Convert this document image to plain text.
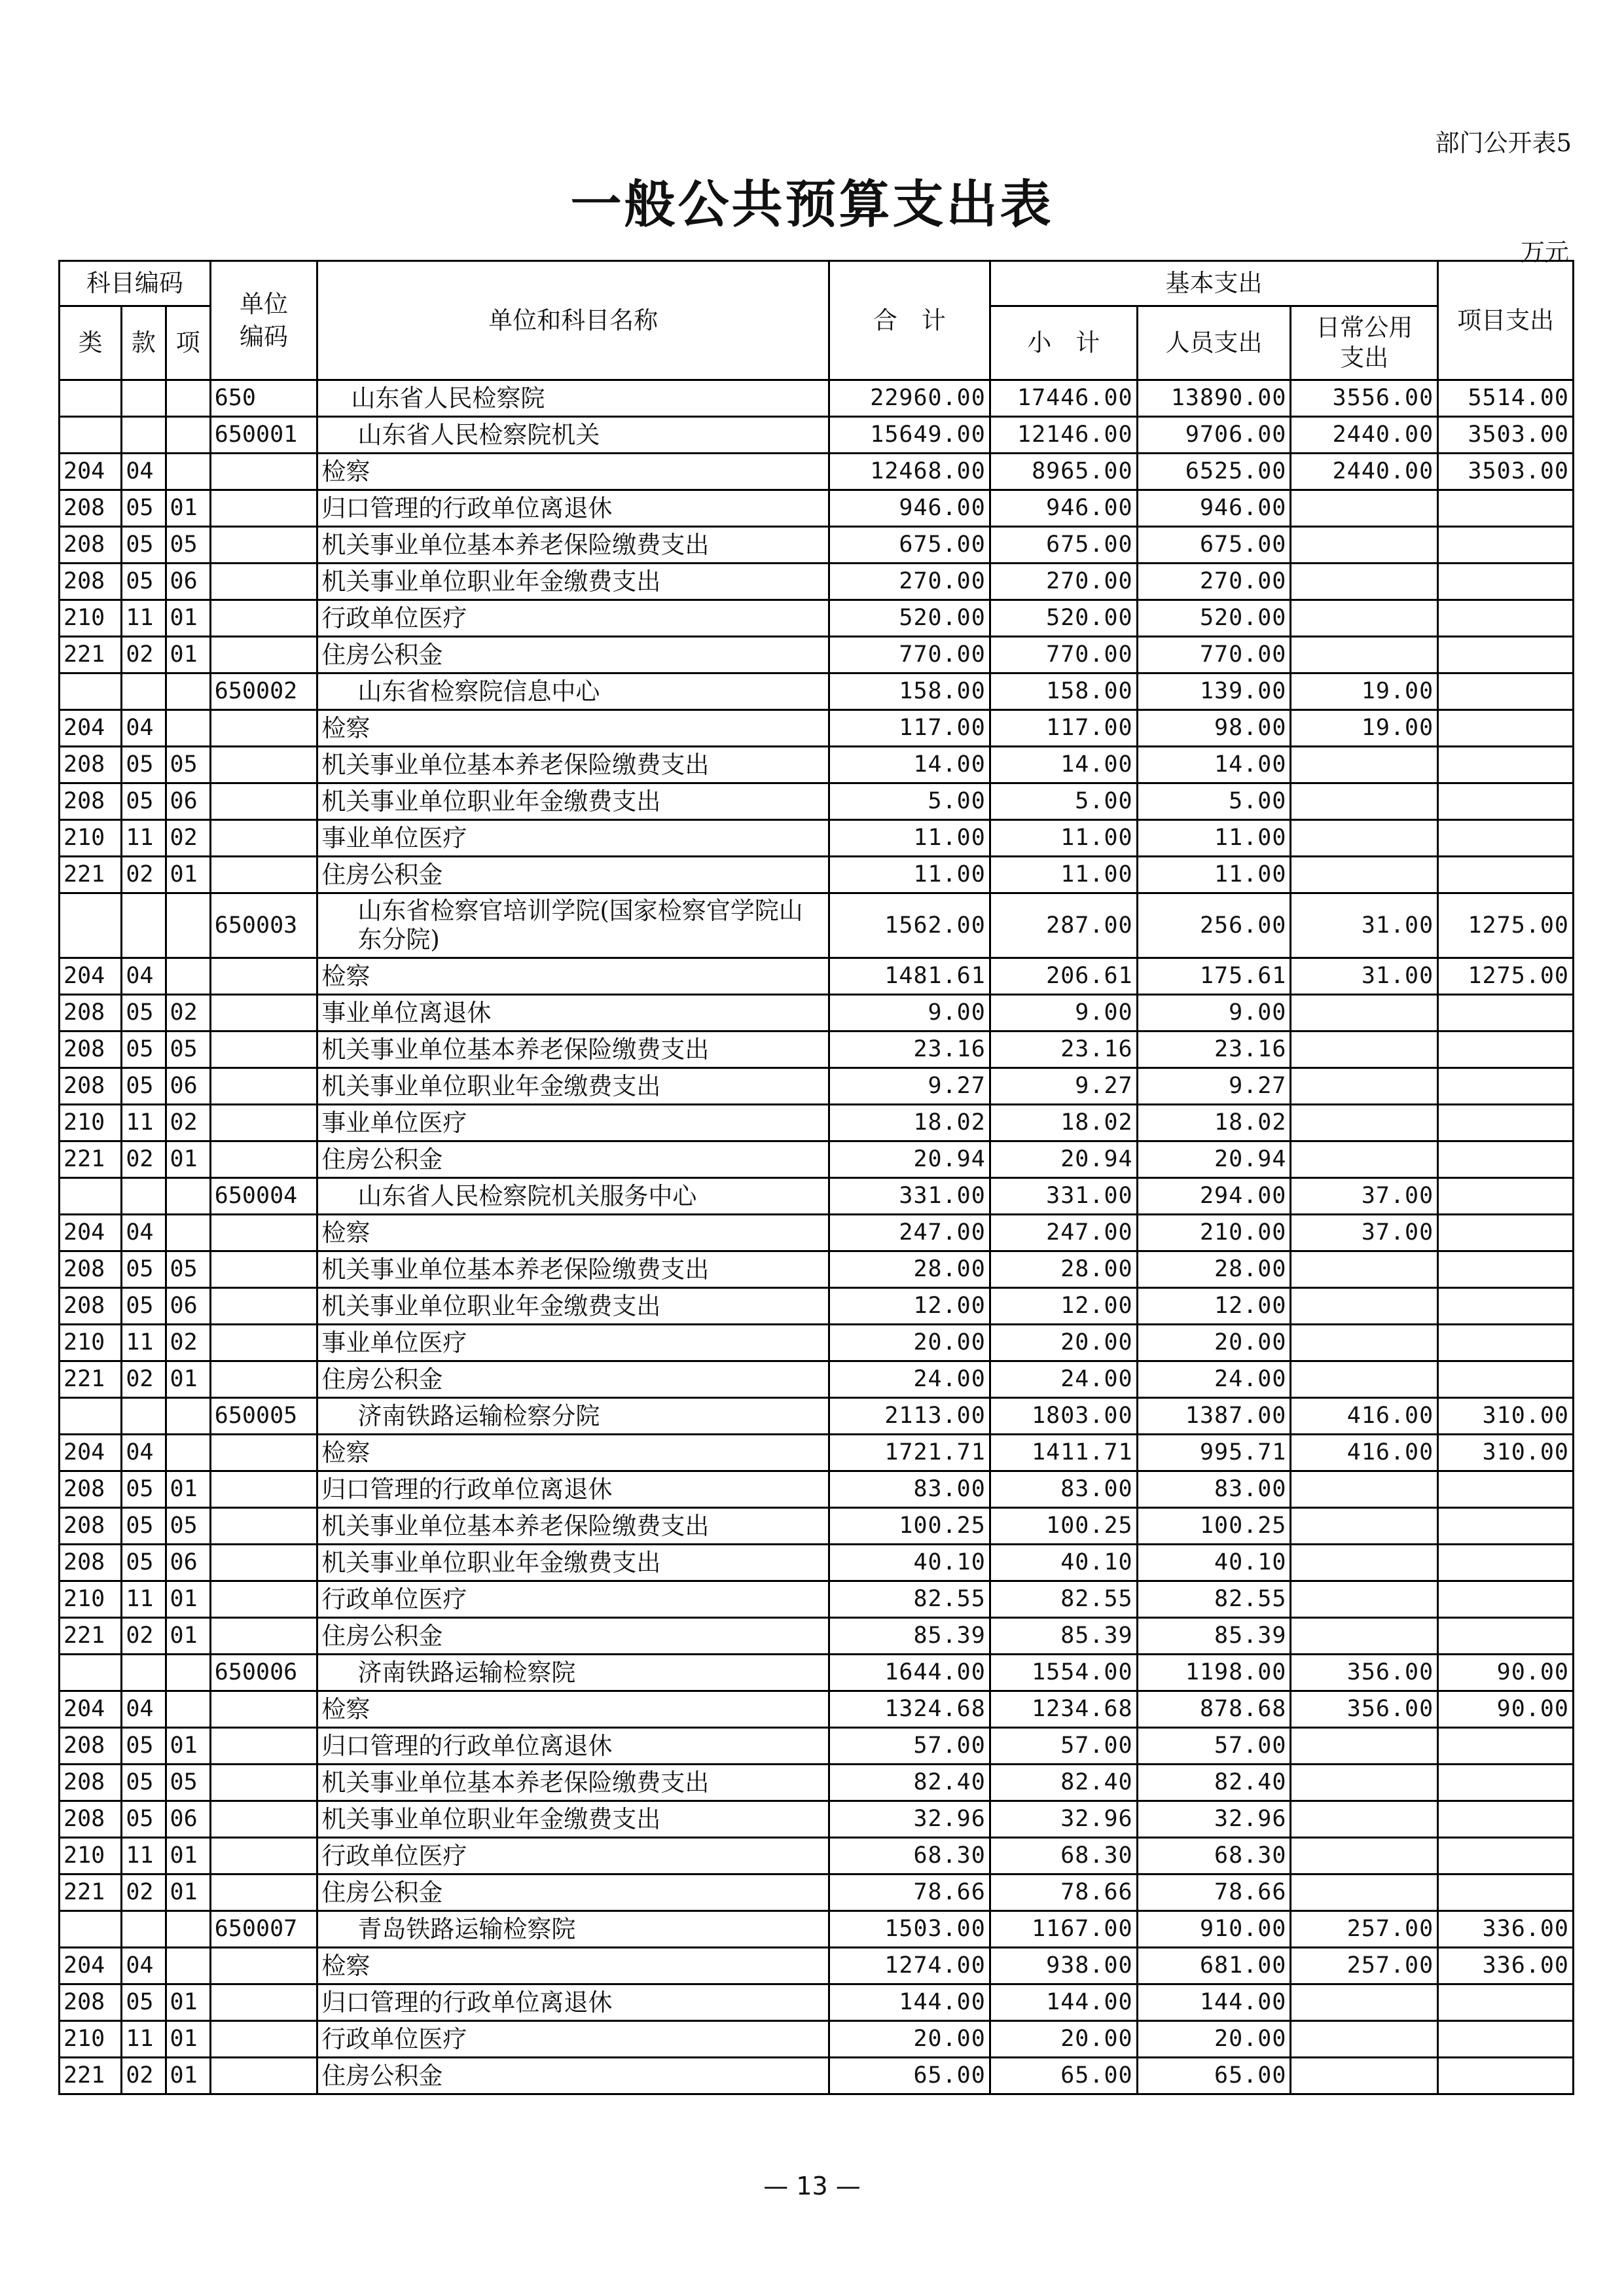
部门公开表5
一般公共预算支出表
万元
科目编码			单位编码	单位和科目名称	合　计	基本支出			项目支出
类	款	项				小　计	人员支出	日常公用支出	
			650	山东省人民检察院	22960.00	17446.00	13890.00	3556.00	5514.00
			650001	山东省人民检察院机关	15649.00	12146.00	9706.00	2440.00	3503.00
204	04			检察	12468.00	8965.00	6525.00	2440.00	3503.00
208	05	01		归口管理的行政单位离退休	946.00	946.00	946.00		
208	05	05		机关事业单位基本养老保险缴费支出	675.00	675.00	675.00		
208	05	06		机关事业单位职业年金缴费支出	270.00	270.00	270.00		
210	11	01		行政单位医疗	520.00	520.00	520.00		
221	02	01		住房公积金	770.00	770.00	770.00		
			650002	山东省检察院信息中心	158.00	158.00	139.00	19.00	
204	04			检察	117.00	117.00	98.00	19.00	
208	05	05		机关事业单位基本养老保险缴费支出	14.00	14.00	14.00		
208	05	06		机关事业单位职业年金缴费支出	5.00	5.00	5.00		
210	11	02		事业单位医疗	11.00	11.00	11.00		
221	02	01		住房公积金	11.00	11.00	11.00		
			650003	山东省检察官培训学院(国家检察官学院山东分院)	1562.00	287.00	256.00	31.00	1275.00
204	04			检察	1481.61	206.61	175.61	31.00	1275.00
208	05	02		事业单位离退休	9.00	9.00	9.00		
208	05	05		机关事业单位基本养老保险缴费支出	23.16	23.16	23.16		
208	05	06		机关事业单位职业年金缴费支出	9.27	9.27	9.27		
210	11	02		事业单位医疗	18.02	18.02	18.02		
221	02	01		住房公积金	20.94	20.94	20.94		
			650004	山东省人民检察院机关服务中心	331.00	331.00	294.00	37.00	
204	04			检察	247.00	247.00	210.00	37.00	
208	05	05		机关事业单位基本养老保险缴费支出	28.00	28.00	28.00		
208	05	06		机关事业单位职业年金缴费支出	12.00	12.00	12.00		
210	11	02		事业单位医疗	20.00	20.00	20.00		
221	02	01		住房公积金	24.00	24.00	24.00		
			650005	济南铁路运输检察分院	2113.00	1803.00	1387.00	416.00	310.00
204	04			检察	1721.71	1411.71	995.71	416.00	310.00
208	05	01		归口管理的行政单位离退休	83.00	83.00	83.00		
208	05	05		机关事业单位基本养老保险缴费支出	100.25	100.25	100.25		
208	05	06		机关事业单位职业年金缴费支出	40.10	40.10	40.10		
210	11	01		行政单位医疗	82.55	82.55	82.55		
221	02	01		住房公积金	85.39	85.39	85.39		
			650006	济南铁路运输检察院	1644.00	1554.00	1198.00	356.00	90.00
204	04			检察	1324.68	1234.68	878.68	356.00	90.00
208	05	01		归口管理的行政单位离退休	57.00	57.00	57.00		
208	05	05		机关事业单位基本养老保险缴费支出	82.40	82.40	82.40		
208	05	06		机关事业单位职业年金缴费支出	32.96	32.96	32.96		
210	11	01		行政单位医疗	68.30	68.30	68.30		
221	02	01		住房公积金	78.66	78.66	78.66		
			650007	青岛铁路运输检察院	1503.00	1167.00	910.00	257.00	336.00
204	04			检察	1274.00	938.00	681.00	257.00	336.00
208	05	01		归口管理的行政单位离退休	144.00	144.00	144.00		
210	11	01		行政单位医疗	20.00	20.00	20.00		
221	02	01		住房公积金	65.00	65.00	65.00		
— 13 —
